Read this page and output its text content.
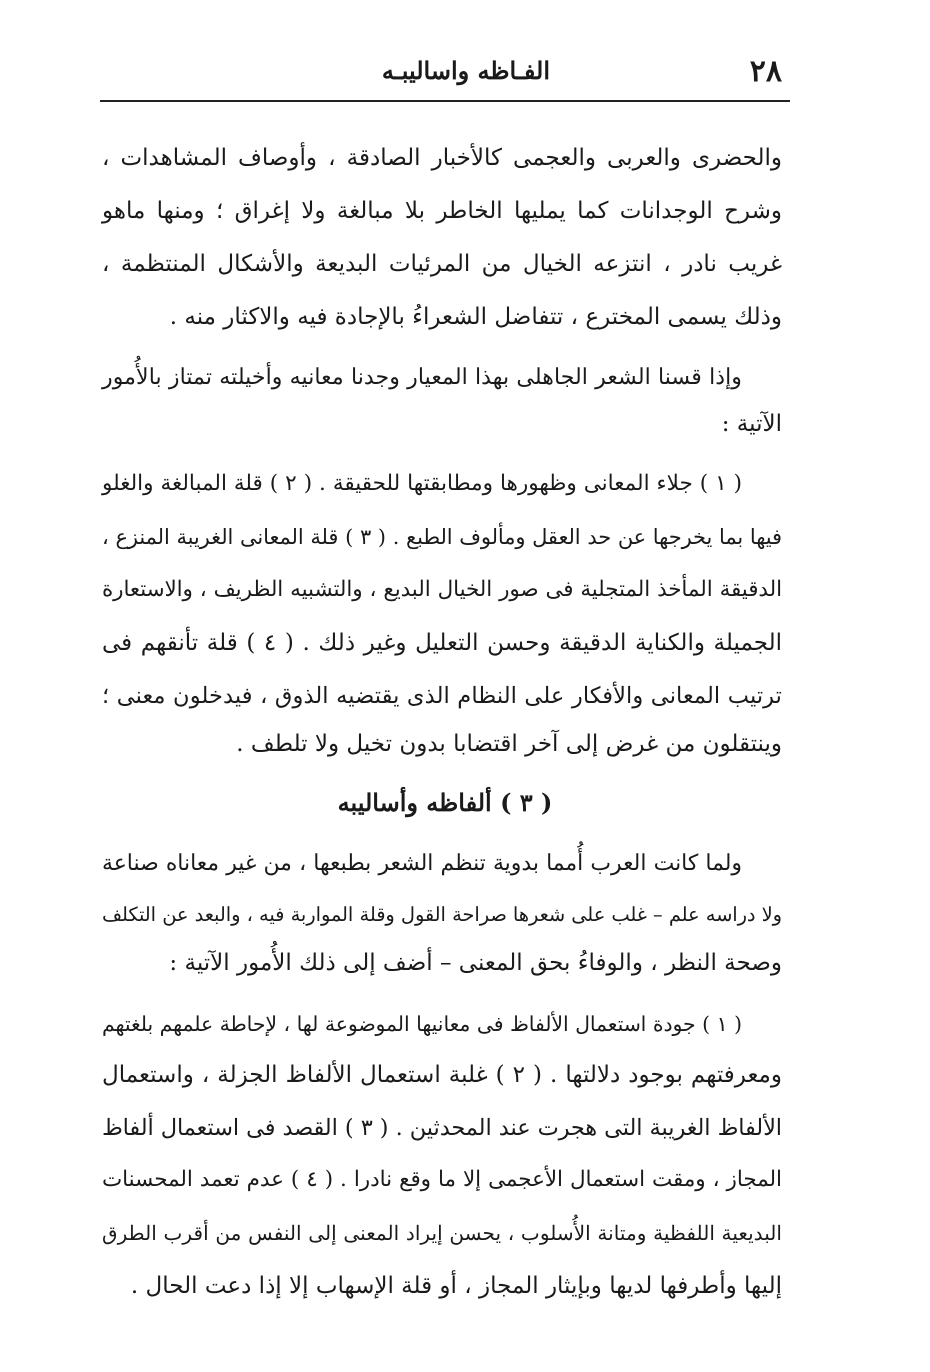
٢٨
الفـاظه واساليبـه
والحضرى والعربى والعجمى كالأخبار الصادقة ، وأوصاف المشاهدات ،
وشرح الوجدانات كما يمليها الخاطر بلا مبالغة ولا إغراق ؛ ومنها ماهو
غريب نادر ، انتزعه الخيال من المرئيات البديعة والأشكال المنتظمة ،
وذلك يسمى المخترع ، تتفاضل الشعراءُ بالإجادة فيه والاكثار منه .
وإذا قسنا الشعر الجاهلى بهذا المعيار وجدنا معانيه وأخيلته تمتاز بالأُمور
الآتية :
( ١ ) جلاء المعانى وظهورها ومطابقتها للحقيقة . ( ٢ ) قلة المبالغة والغلو
فيها بما يخرجها عن حد العقل ومألوف الطبع . ( ٣ ) قلة المعانى الغريبة المنزع ،
الدقيقة المأخذ المتجلية فى صور الخيال البديع ، والتشبيه الظريف ، والاستعارة
الجميلة والكناية الدقيقة وحسن التعليل وغير ذلك . ( ٤ ) قلة تأنقهم فى
ترتيب المعانى والأفكار على النظام الذى يقتضيه الذوق ، فيدخلون معنى ؛
وينتقلون من غرض إلى آخر اقتضابا بدون تخيل ولا تلطف .
( ٣ ) ألفاظه وأساليبه
ولما كانت العرب أُمما بدوية تنظم الشعر بطبعها ، من غير معاناه صناعة
ولا دراسه علم – غلب على شعرها صراحة القول وقلة المواربة فيه ، والبعد عن التكلف
وصحة النظر ، والوفاءُ بحق المعنى – أضف إلى ذلك الأُمور الآتية :
( ١ ) جودة استعمال الألفاظ فى معانيها الموضوعة لها ، لإحاطة علمهم بلغتهم
ومعرفتهم بوجود دلالتها . ( ٢ ) غلبة استعمال الألفاظ الجزلة ، واستعمال
الألفاظ الغريبة التى هجرت عند المحدثين . ( ٣ ) القصد فى استعمال ألفاظ
المجاز ، ومقت استعمال الأعجمى إلا ما وقع نادرا . ( ٤ ) عدم تعمد المحسنات
البديعية اللفظية ومتانة الأُسلوب ، يحسن إيراد المعنى إلى النفس من أقرب الطرق
إليها وأطرفها لديها وبإيثار المجاز ، أو قلة الإسهاب إلا إذا دعت الحال .
